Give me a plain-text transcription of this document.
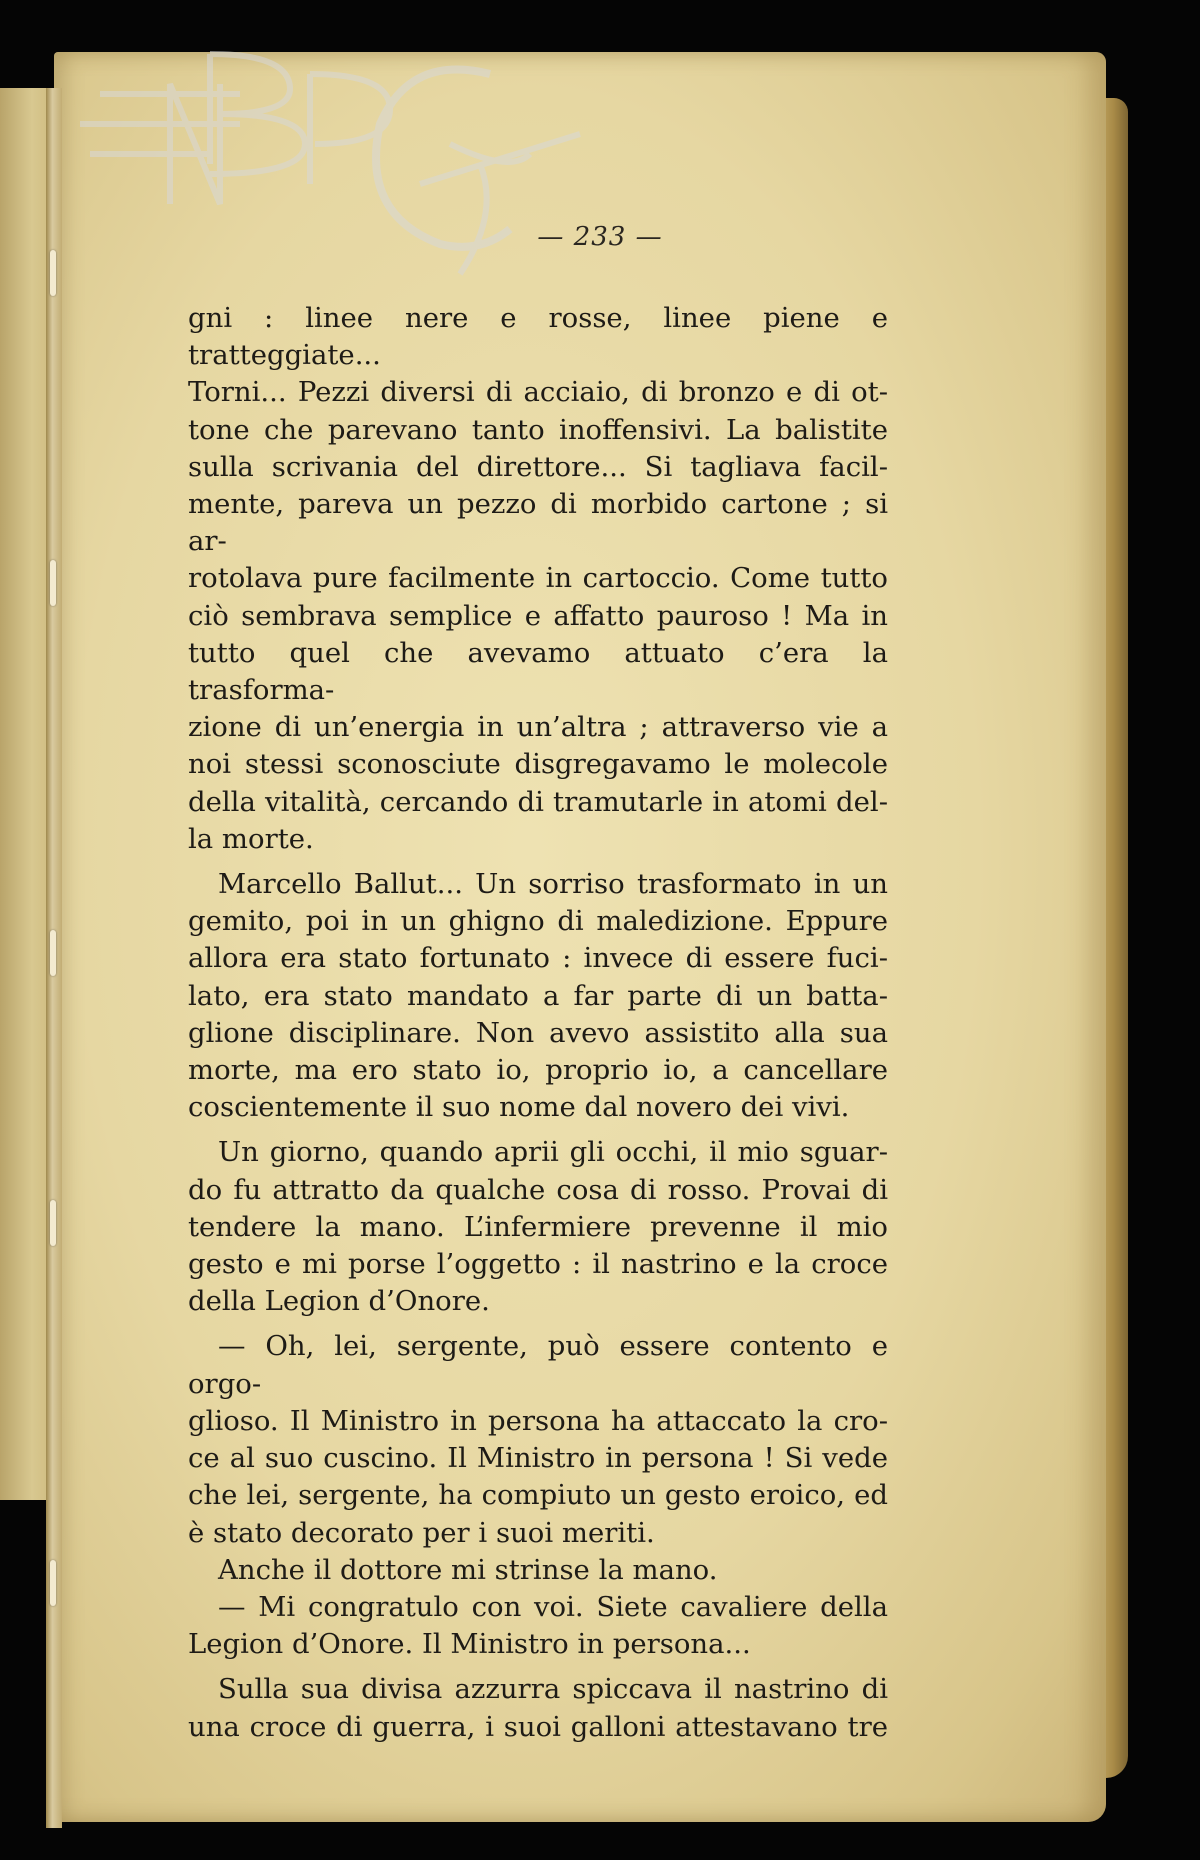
— 233 —

gni : linee nere e rosse, linee piene e tratteggiate...

Torni... Pezzi diversi di acciaio, di bronzo e di ot-

tone che parevano tanto inoffensivi. La balistite

sulla scrivania del direttore... Si tagliava facil-

mente, pareva un pezzo di morbido cartone ; si ar-

rotolava pure facilmente in cartoccio. Come tutto

ciò sembrava semplice e affatto pauroso ! Ma in

tutto quel che avevamo attuato c’era la trasforma-

zione di un’energia in un’altra ; attraverso vie a

noi stessi sconosciute disgregavamo le molecole

della vitalità, cercando di tramutarle in atomi del-

la morte.

Marcello Ballut... Un sorriso trasformato in un

gemito, poi in un ghigno di maledizione. Eppure

allora era stato fortunato : invece di essere fuci-

lato, era stato mandato a far parte di un batta-

glione disciplinare. Non avevo assistito alla sua

morte, ma ero stato io, proprio io, a cancellare

coscientemente il suo nome dal novero dei vivi.

Un giorno, quando aprii gli occhi, il mio sguar-

do fu attratto da qualche cosa di rosso. Provai di

tendere la mano. L’infermiere prevenne il mio

gesto e mi porse l’oggetto : il nastrino e la croce

della Legion d’Onore.

— Oh, lei, sergente, può essere contento e orgo-

glioso. Il Ministro in persona ha attaccato la cro-

ce al suo cuscino. Il Ministro in persona ! Si vede

che lei, sergente, ha compiuto un gesto eroico, ed

è stato decorato per i suoi meriti.

Anche il dottore mi strinse la mano.

— Mi congratulo con voi. Siete cavaliere della

Legion d’Onore. Il Ministro in persona...

Sulla sua divisa azzurra spiccava il nastrino di

una croce di guerra, i suoi galloni attestavano tre
